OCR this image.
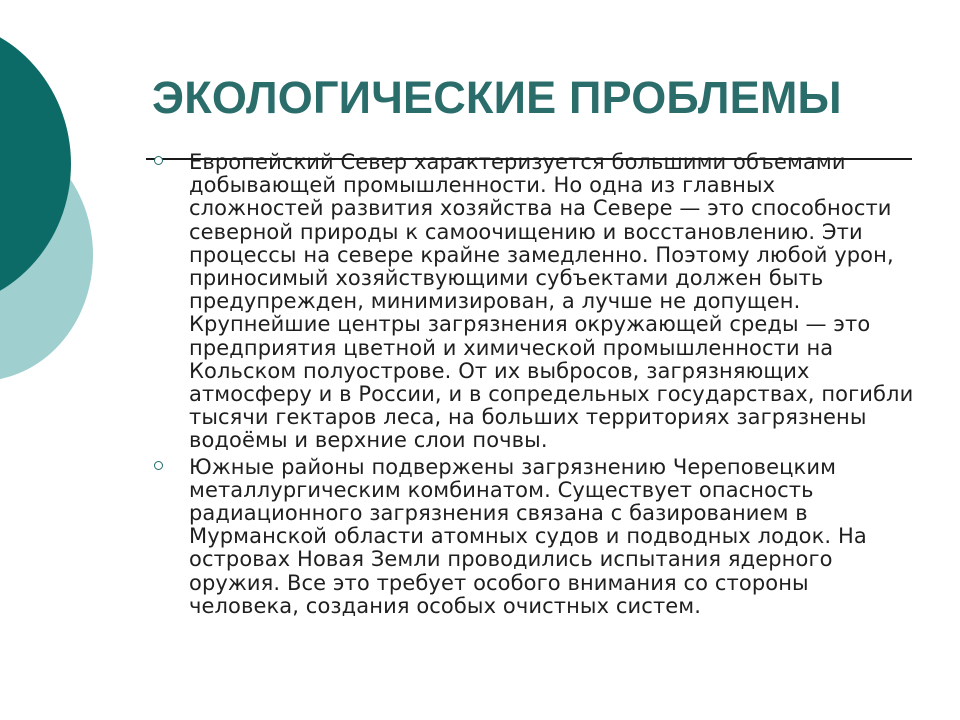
ЭКОЛОГИЧЕСКИЕ ПРОБЛЕМЫ
Европейский Север характеризуется большими объемами добывающей промышленности. Но одна из главных сложностей развития хозяйства на Севере — это способности северной природы к самоочищению и восстановлению. Эти процессы на севере крайне замедленно. Поэтому любой урон, приносимый хозяйствующими субъектами должен быть предупрежден, минимизирован, а лучше не допущен. Крупнейшие центры загрязнения окружающей среды — это предприятия цветной и химической промышленности на Кольском полуострове. От их выбросов, загрязняющих атмосферу и в России, и в сопредельных государствах, погибли тысячи гектаров леса, на больших территориях загрязнены водоёмы и верхние слои почвы.
Южные районы подвержены загрязнению Череповецким металлургическим комбинатом. Существует опасность радиационного загрязнения связана с базированием в Мурманской области атомных судов и подводных лодок. На островах Новая Земли проводились испытания ядерного оружия. Все это требует особого внимания со стороны человека, создания особых очистных систем.
